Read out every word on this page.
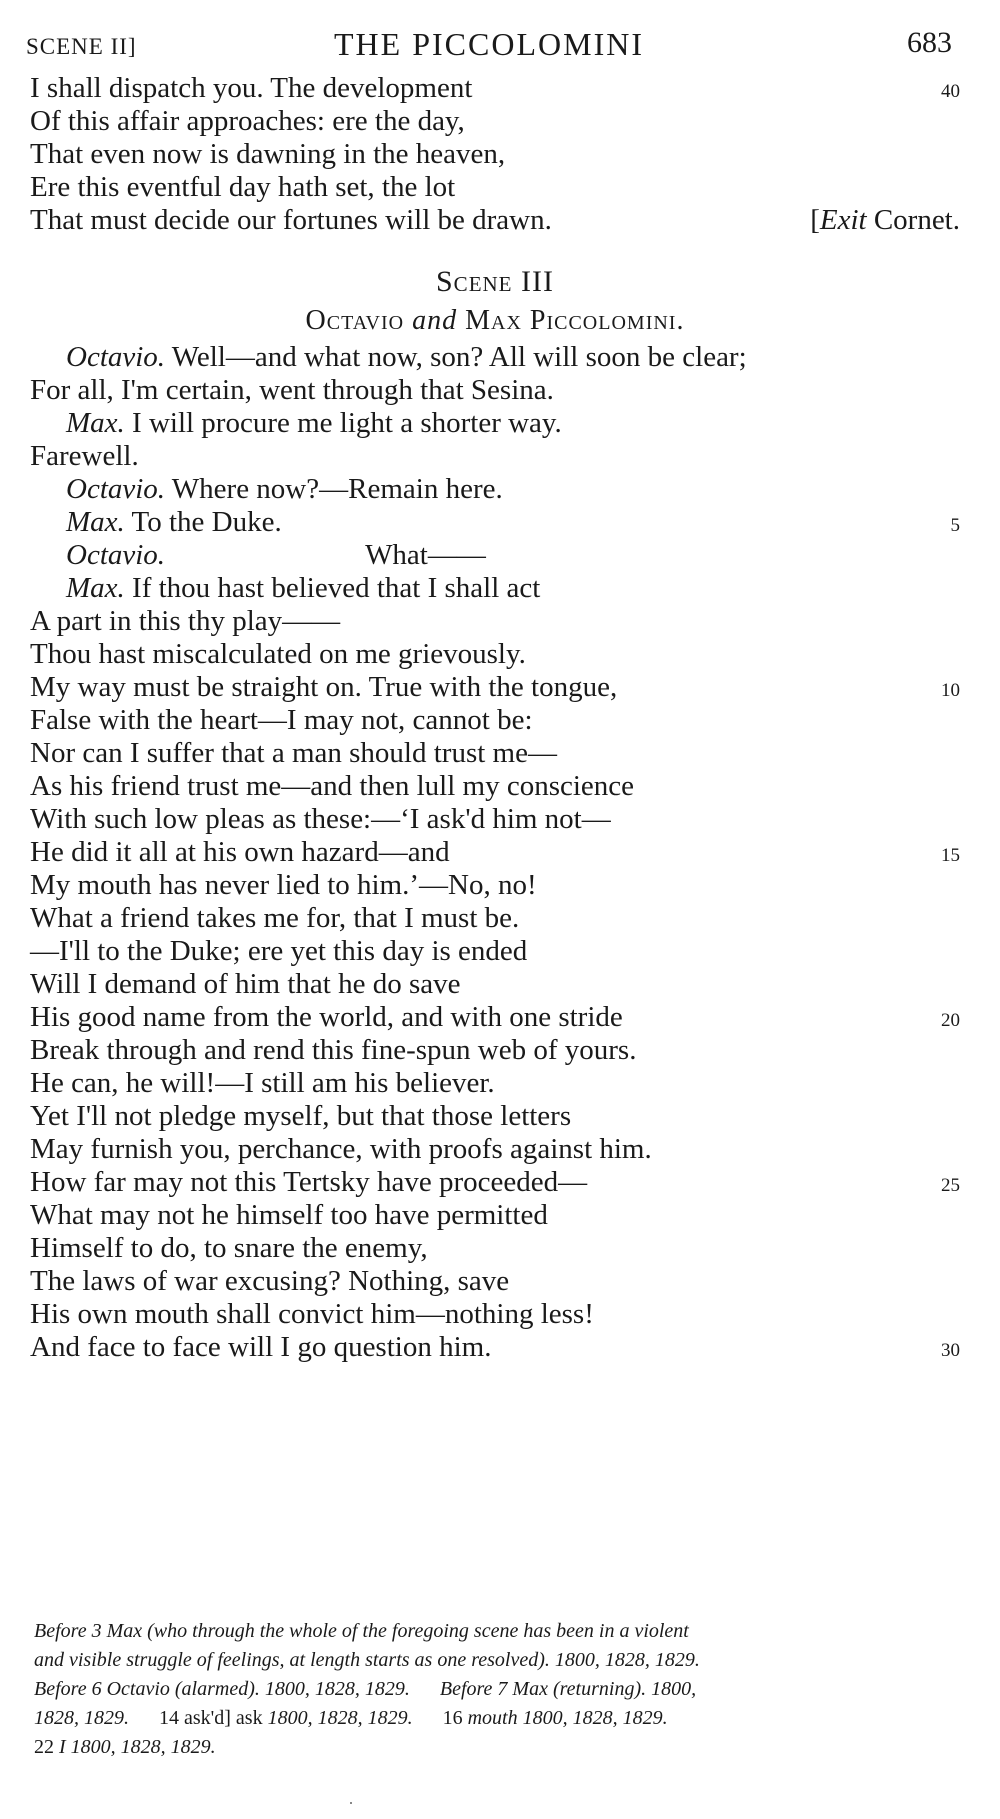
SCENE II]	THE PICCOLOMINI	683
I shall dispatch you. The development	40
Of this affair approaches: ere the day,
That even now is dawning in the heaven,
Ere this eventful day hath set, the lot
That must decide our fortunes will be drawn.	[Exit Cornet.
Scene III
Octavio and Max Piccolomini.
Octavio. Well—and what now, son? All will soon be clear;
For all, I'm certain, went through that Sesina.
Max. I will procure me light a shorter way.
Farewell.
Octavio. Where now?—Remain here.
Max. To the Duke.	5
Octavio.	What——
Max. If thou hast believed that I shall act
A part in this thy play——
Thou hast miscalculated on me grievously.
My way must be straight on. True with the tongue,	10
False with the heart—I may not, cannot be:
Nor can I suffer that a man should trust me—
As his friend trust me—and then lull my conscience
With such low pleas as these:—‘I ask'd him not—
He did it all at his own hazard—and	15
My mouth has never lied to him.’—No, no!
What a friend takes me for, that I must be.
—I'll to the Duke; ere yet this day is ended
Will I demand of him that he do save
His good name from the world, and with one stride	20
Break through and rend this fine-spun web of yours.
He can, he will!—I still am his believer.
Yet I'll not pledge myself, but that those letters
May furnish you, perchance, with proofs against him.
How far may not this Tertsky have proceeded—	25
What may not he himself too have permitted
Himself to do, to snare the enemy,
The laws of war excusing? Nothing, save
His own mouth shall convict him—nothing less!
And face to face will I go question him.	30
Before 3 Max (who through the whole of the foregoing scene has been in a violent
and visible struggle of feelings, at length starts as one resolved). 1800, 1828, 1829.
Before 6 Octavio (alarmed). 1800, 1828, 1829. Before 7 Max (returning). 1800,
1828, 1829. 14 ask'd] ask 1800, 1828, 1829. 16 mouth 1800, 1828, 1829.
22 I 1800, 1828, 1829.
